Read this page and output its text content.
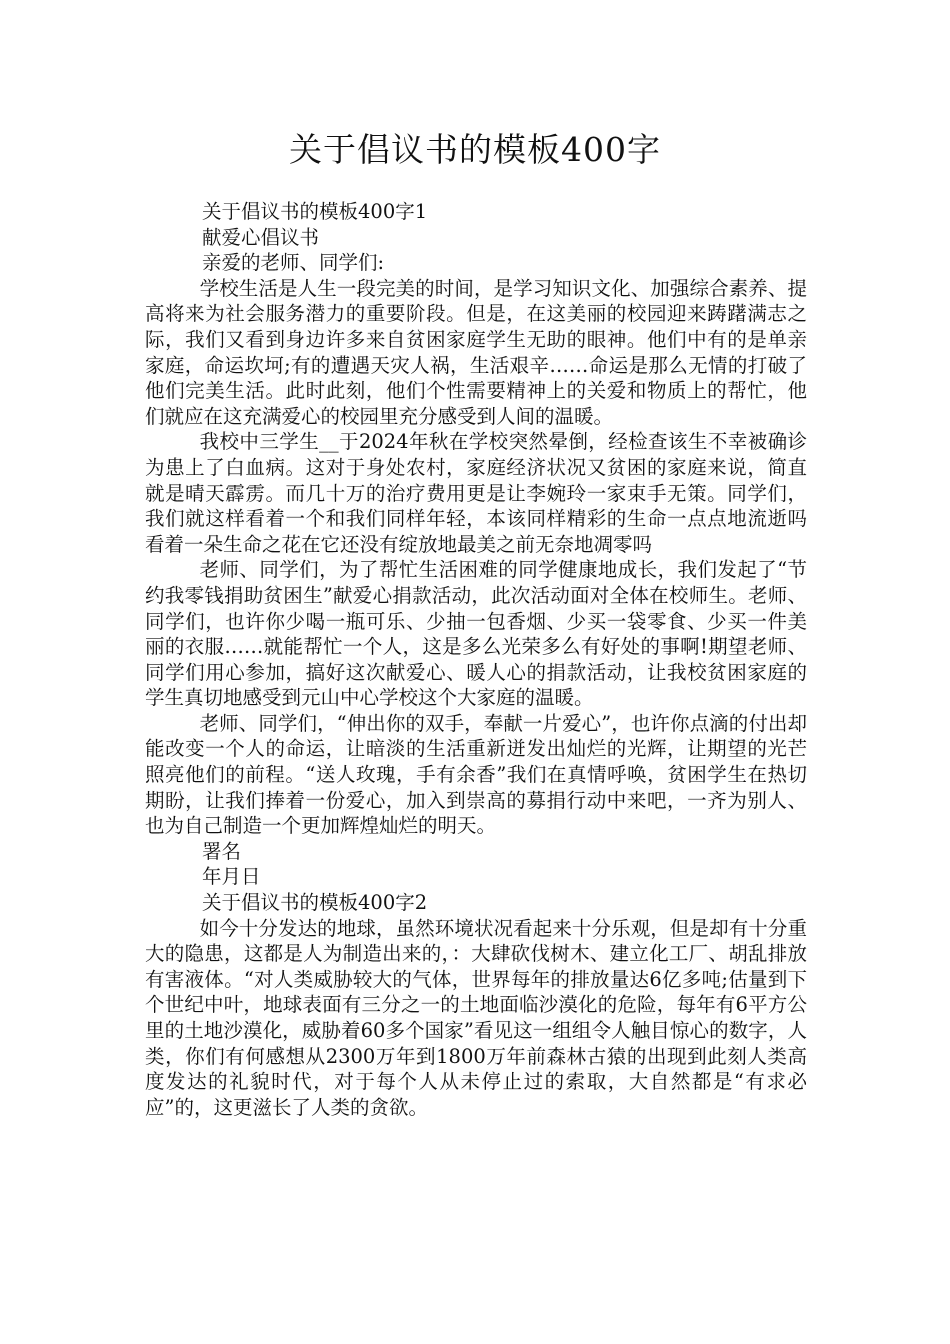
关于倡议书的模板400字

关于倡议书的模板400字1

献爱心倡议书

亲爱的老师、同学们:

学校生活是人生一段完美的时间，是学习知识文化、加强综合素养、提高将来为社会服务潜力的重要阶段。但是，在这美丽的校园迎来踌躇满志之际，我们又看到身边许多来自贫困家庭学生无助的眼神。他们中有的是单亲家庭，命运坎坷;有的遭遇天灾人祸，生活艰辛……命运是那么无情的打破了他们完美生活。此时此刻，他们个性需要精神上的关爱和物质上的帮忙，他们就应在这充满爱心的校园里充分感受到人间的温暖。

我校中三学生__于2024年秋在学校突然晕倒，经检查该生不幸被确诊为患上了白血病。这对于身处农村，家庭经济状况又贫困的家庭来说，简直就是晴天霹雳。而几十万的治疗费用更是让李婉玲一家束手无策。同学们，我们就这样看着一个和我们同样年轻，本该同样精彩的生命一点点地流逝吗看着一朵生命之花在它还没有绽放地最美之前无奈地凋零吗

老师、同学们，为了帮忙生活困难的同学健康地成长，我们发起了“节约我零钱捐助贫困生”献爱心捐款活动，此次活动面对全体在校师生。老师、同学们，也许你少喝一瓶可乐、少抽一包香烟、少买一袋零食、少买一件美丽的衣服……就能帮忙一个人，这是多么光荣多么有好处的事啊!期望老师、同学们用心参加，搞好这次献爱心、暖人心的捐款活动，让我校贫困家庭的学生真切地感受到元山中心学校这个大家庭的温暖。

老师、同学们，“伸出你的双手，奉献一片爱心”，也许你点滴的付出却能改变一个人的命运，让暗淡的生活重新迸发出灿烂的光辉，让期望的光芒照亮他们的前程。“送人玫瑰，手有余香”我们在真情呼唤，贫困学生在热切期盼，让我们捧着一份爱心，加入到崇高的募捐行动中来吧，一齐为别人、也为自己制造一个更加辉煌灿烂的明天。

署名

年月日

关于倡议书的模板400字2

如今十分发达的地球，虽然环境状况看起来十分乐观，但是却有十分重大的隐患，这都是人为制造出来的，：大肆砍伐树木、建立化工厂、胡乱排放有害液体。“对人类威胁较大的气体，世界每年的排放量达6亿多吨;估量到下个世纪中叶，地球表面有三分之一的土地面临沙漠化的危险，每年有6平方公里的土地沙漠化，威胁着60多个国家”看见这一组组令人触目惊心的数字，人类，你们有何感想从2300万年到1800万年前森林古猿的出现到此刻人类高度发达的礼貌时代，对于每个人从未停止过的索取，大自然都是“有求必应”的，这更滋长了人类的贪欲。
